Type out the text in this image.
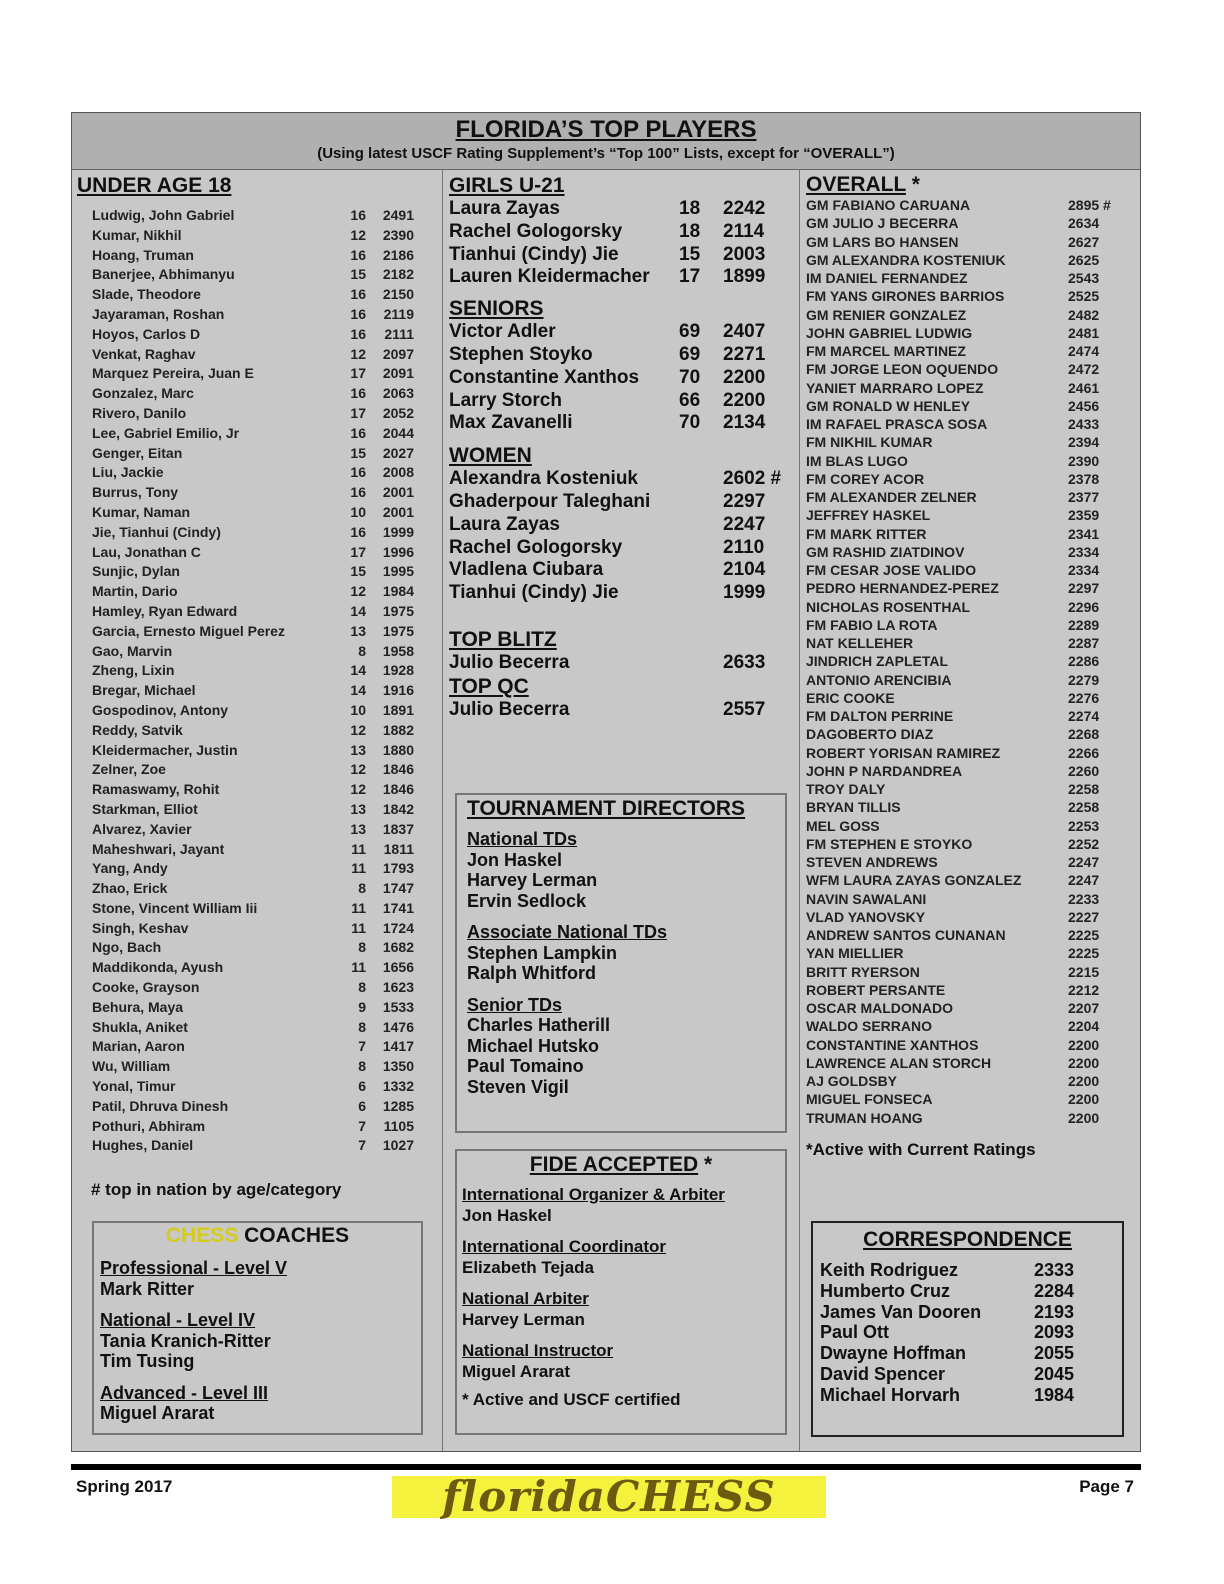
FLORIDA’S TOP PLAYERS
(Using latest USCF Rating Supplement’s “Top 100” Lists, except for “OVERALL”)
UNDER AGE 18
Ludwig, John Gabriel	16	2491
Kumar, Nikhil	12	2390
Hoang, Truman	16	2186
Banerjee, Abhimanyu	15	2182
Slade, Theodore	16	2150
Jayaraman, Roshan	16	2119
Hoyos, Carlos D	16	2111
Venkat, Raghav	12	2097
Marquez Pereira, Juan E	17	2091
Gonzalez, Marc	16	2063
Rivero, Danilo	17	2052
Lee, Gabriel Emilio, Jr	16	2044
Genger, Eitan	15	2027
Liu, Jackie	16	2008
Burrus, Tony	16	2001
Kumar, Naman	10	2001
Jie, Tianhui (Cindy)	16	1999
Lau, Jonathan C	17	1996
Sunjic, Dylan	15	1995
Martin, Dario	12	1984
Hamley, Ryan Edward	14	1975
Garcia, Ernesto Miguel Perez	13	1975
Gao, Marvin	8	1958
Zheng, Lixin	14	1928
Bregar, Michael	14	1916
Gospodinov, Antony	10	1891
Reddy, Satvik	12	1882
Kleidermacher, Justin	13	1880
Zelner, Zoe	12	1846
Ramaswamy, Rohit	12	1846
Starkman, Elliot	13	1842
Alvarez, Xavier	13	1837
Maheshwari, Jayant	11	1811
Yang, Andy	11	1793
Zhao, Erick	8	1747
Stone, Vincent William Iii	11	1741
Singh, Keshav	11	1724
Ngo, Bach	8	1682
Maddikonda, Ayush	11	1656
Cooke, Grayson	8	1623
Behura, Maya	9	1533
Shukla, Aniket	8	1476
Marian, Aaron	7	1417
Wu, William	8	1350
Yonal, Timur	6	1332
Patil, Dhruva Dinesh	6	1285
Pothuri, Abhiram	7	1105
Hughes, Daniel	7	1027
# top in nation by age/category
CHESS COACHES
Professional - Level V
Mark Ritter
National - Level IV
Tania Kranich-Ritter
Tim Tusing
Advanced - Level III
Miguel Ararat
GIRLS U-21
Laura Zayas	18	2242
Rachel Gologorsky	18	2114
Tianhui (Cindy) Jie	15	2003
Lauren Kleidermacher	17	1899
SENIORS
Victor Adler	69	2407
Stephen Stoyko	69	2271
Constantine Xanthos	70	2200
Larry Storch	66	2200
Max Zavanelli	70	2134
WOMEN
Alexandra Kosteniuk	2602 #
Ghaderpour Taleghani	2297
Laura Zayas	2247
Rachel Gologorsky	2110
Vladlena Ciubara	2104
Tianhui (Cindy) Jie	1999
TOP BLITZ
Julio Becerra	2633
TOP QC
Julio Becerra	2557
TOURNAMENT DIRECTORS
National TDs
Jon Haskel
Harvey Lerman
Ervin Sedlock
Associate National TDs
Stephen Lampkin
Ralph Whitford
Senior TDs
Charles Hatherill
Michael Hutsko
Paul Tomaino
Steven Vigil
FIDE ACCEPTED *
International Organizer & Arbiter
Jon Haskel
International Coordinator
Elizabeth Tejada
National Arbiter
Harvey Lerman
National Instructor
Miguel Ararat
* Active and USCF certified
OVERALL *
GM FABIANO CARUANA	2895 #
GM JULIO J BECERRA	2634
GM LARS BO HANSEN	2627
GM ALEXANDRA KOSTENIUK	2625
IM DANIEL FERNANDEZ	2543
FM YANS GIRONES BARRIOS	2525
GM RENIER GONZALEZ	2482
JOHN GABRIEL LUDWIG	2481
FM MARCEL MARTINEZ	2474
FM JORGE LEON OQUENDO	2472
YANIET MARRARO LOPEZ	2461
GM RONALD W HENLEY	2456
IM RAFAEL PRASCA SOSA	2433
FM NIKHIL KUMAR	2394
IM BLAS LUGO	2390
FM COREY ACOR	2378
FM ALEXANDER ZELNER	2377
JEFFREY HASKEL	2359
FM MARK RITTER	2341
GM RASHID ZIATDINOV	2334
FM CESAR JOSE VALIDO	2334
PEDRO HERNANDEZ-PEREZ	2297
NICHOLAS ROSENTHAL	2296
FM FABIO LA ROTA	2289
NAT KELLEHER	2287
JINDRICH ZAPLETAL	2286
ANTONIO ARENCIBIA	2279
ERIC COOKE	2276
FM DALTON PERRINE	2274
DAGOBERTO DIAZ	2268
ROBERT YORISAN RAMIREZ	2266
JOHN P NARDANDREA	2260
TROY DALY	2258
BRYAN TILLIS	2258
MEL GOSS	2253
FM STEPHEN E STOYKO	2252
STEVEN ANDREWS	2247
WFM LAURA ZAYAS GONZALEZ	2247
NAVIN SAWALANI	2233
VLAD YANOVSKY	2227
ANDREW SANTOS CUNANAN	2225
YAN MIELLIER	2225
BRITT RYERSON	2215
ROBERT PERSANTE	2212
OSCAR MALDONADO	2207
WALDO SERRANO	2204
CONSTANTINE XANTHOS	2200
LAWRENCE ALAN STORCH	2200
AJ GOLDSBY	2200
MIGUEL FONSECA	2200
TRUMAN HOANG	2200
*Active with Current Ratings
CORRESPONDENCE
Keith Rodriguez	2333
Humberto Cruz	2284
James Van Dooren	2193
Paul Ott	2093
Dwayne Hoffman	2055
David Spencer	2045
Michael Horvarh	1984
Spring 2017	floridaCHESS	Page 7
